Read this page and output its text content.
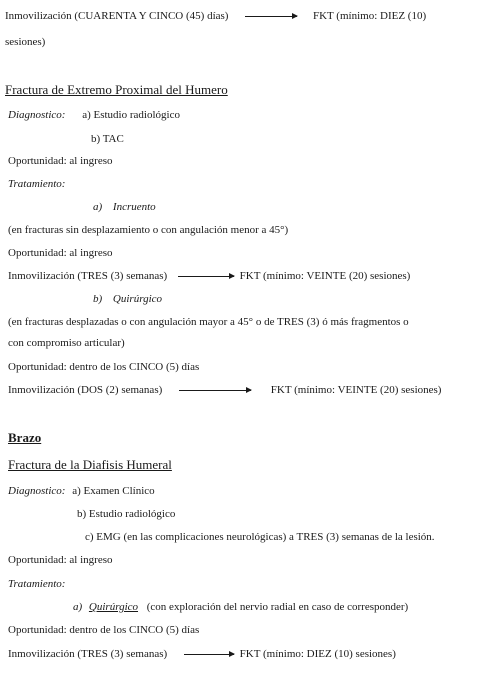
Inmovilización (CUARENTA Y CINCO (45) días)	FKT (mínimo: DIEZ (10)
sesiones)
Fractura de Extremo Proximal del Humero
Diagnostico: a) Estudio radiológico
b) TAC
Oportunidad: al ingreso
Tratamiento:
a) Incruento
(en fracturas sin desplazamiento o con angulación menor a 45°)
Oportunidad: al ingreso
Inmovilización (TRES (3) semanas)	FKT (mínimo: VEINTE (20) sesiones)
b) Quirúrgico
(en fracturas desplazadas o con angulación mayor a 45° o de TRES (3) ó más fragmentos o
con compromiso articular)
Oportunidad: dentro de los CINCO (5) días
Inmovilización (DOS (2) semanas)	FKT (mínimo: VEINTE (20) sesiones)
Brazo
Fractura de la Diafisis Humeral
Diagnostico: a) Examen Clínico
b) Estudio radiológico
c) EMG (en las complicaciones neurológicas) a TRES (3) semanas de la lesión.
Oportunidad: al ingreso
Tratamiento:
a) Quirúrgico (con exploración del nervio radial en caso de corresponder)
Oportunidad: dentro de los CINCO (5) días
Inmovilización (TRES (3) semanas)	FKT (mínimo: DIEZ (10) sesiones)
